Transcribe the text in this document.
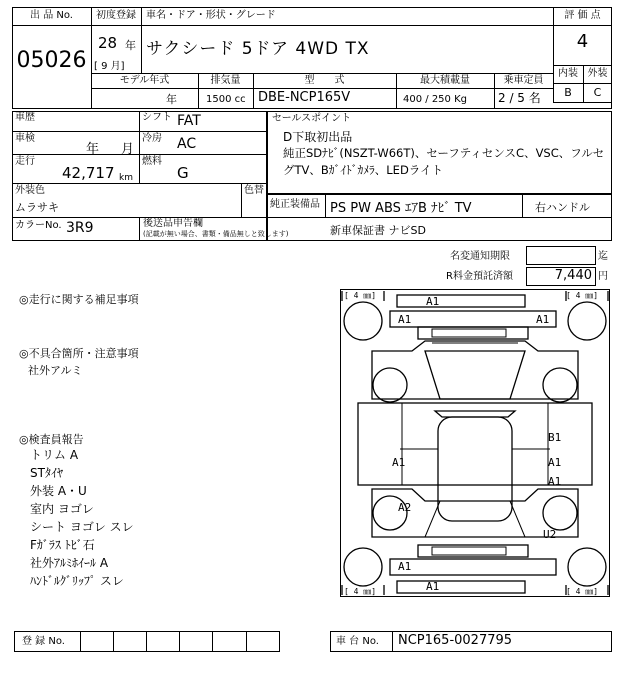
出 品 No.
05026
初度登録	車名・ドア・形状・グレード
28 年
[ 9 月]
サクシード 5ドア 4WD TX
評 価 点
4
内装 外装
B	C
モデル年式	排気量	型　　式	最大積載量	乗車定員
年	1500 cc DBE-NCP165V	400 / 250 Kg	2 / 5 名
車歴	シフト FAT
車検
年 月
冷房 AC
走行
42,717 km
燃料
G
外装色
ムラサキ
色替
カラーNo. 3R9	後送品申告欄
(記載が無い場合、書類・備品無しと致します)
セールスポイント
D下取初出品
純正SDﾅﾋﾞ(NSZT-W66T)、セーフティセンスC、VSC、フルセ
グTV、Bｶﾞｲﾄﾞｶﾒﾗ、LEDライト
純正装備品 PS PW ABS ｴｱB ﾅﾋﾞ TV	右ハンドル
新車保証書 ナビSD
名変通知期限	迄
R料金預託済額	7,440 円
◎走行に関する補足事項
◎不具合箇所・注意事項
社外アルミ
◎検査員報告
トリム A
STﾀｲﾔ
外装 A・U
室内 ヨゴレ
シート ヨゴレ スレ
Fｶﾞﾗｽ ﾄﾋﾞ石
社外ｱﾙﾐﾎｲｰﾙ A
ﾊﾝﾄﾞﾙｸﾞﾘｯﾌﾟ スレ
[ 4 ㎜]	[ 4 ㎜]
[ 4 ㎜]	[ 4 ㎜]
A1
A1	A1
A1
B1
A1
A1
A2
U2
A1
A1
登 録 No.	車 台 No. NCP165-0027795
